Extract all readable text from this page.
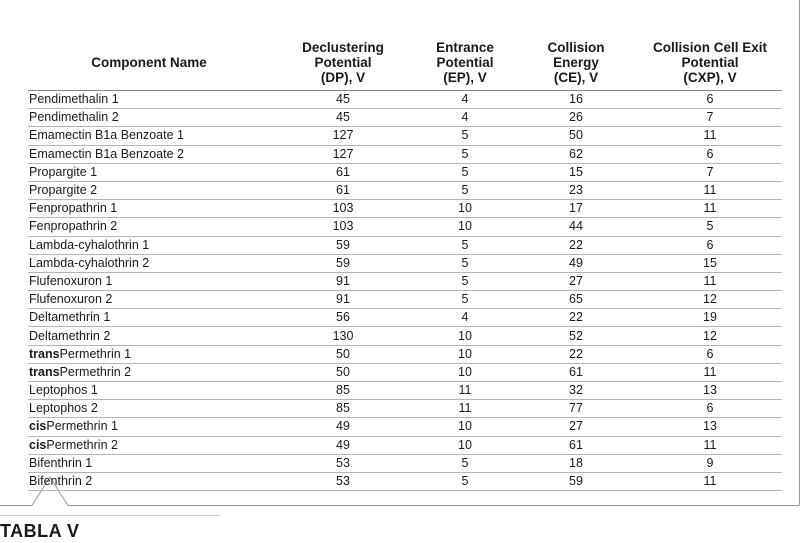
Component Name	Declustering
Potential
(DP), V	Entrance
Potential
(EP), V	Collision
Energy
(CE), V	Collision Cell Exit
Potential
(CXP), V
Pendimethalin 1	45	4	16	6
Pendimethalin 2	45	4	26	7
Emamectin B1a Benzoate 1	127	5	50	11
Emamectin B1a Benzoate 2	127	5	62	6
Propargite 1	61	5	15	7
Propargite 2	61	5	23	11
Fenpropathrin 1	103	10	17	11
Fenpropathrin 2	103	10	44	5
Lambda-cyhalothrin 1	59	5	22	6
Lambda-cyhalothrin 2	59	5	49	15
Flufenoxuron 1	91	5	27	11
Flufenoxuron 2	91	5	65	12
Deltamethrin 1	56	4	22	19
Deltamethrin 2	130	10	52	12
transPermethrin 1	50	10	22	6
transPermethrin 2	50	10	61	11
Leptophos 1	85	11	32	13
Leptophos 2	85	11	77	6
cisPermethrin 1	49	10	27	13
cisPermethrin 2	49	10	61	11
Bifenthrin 1	53	5	18	9
Bifenthrin 2	53	5	59	11
TABLA V
